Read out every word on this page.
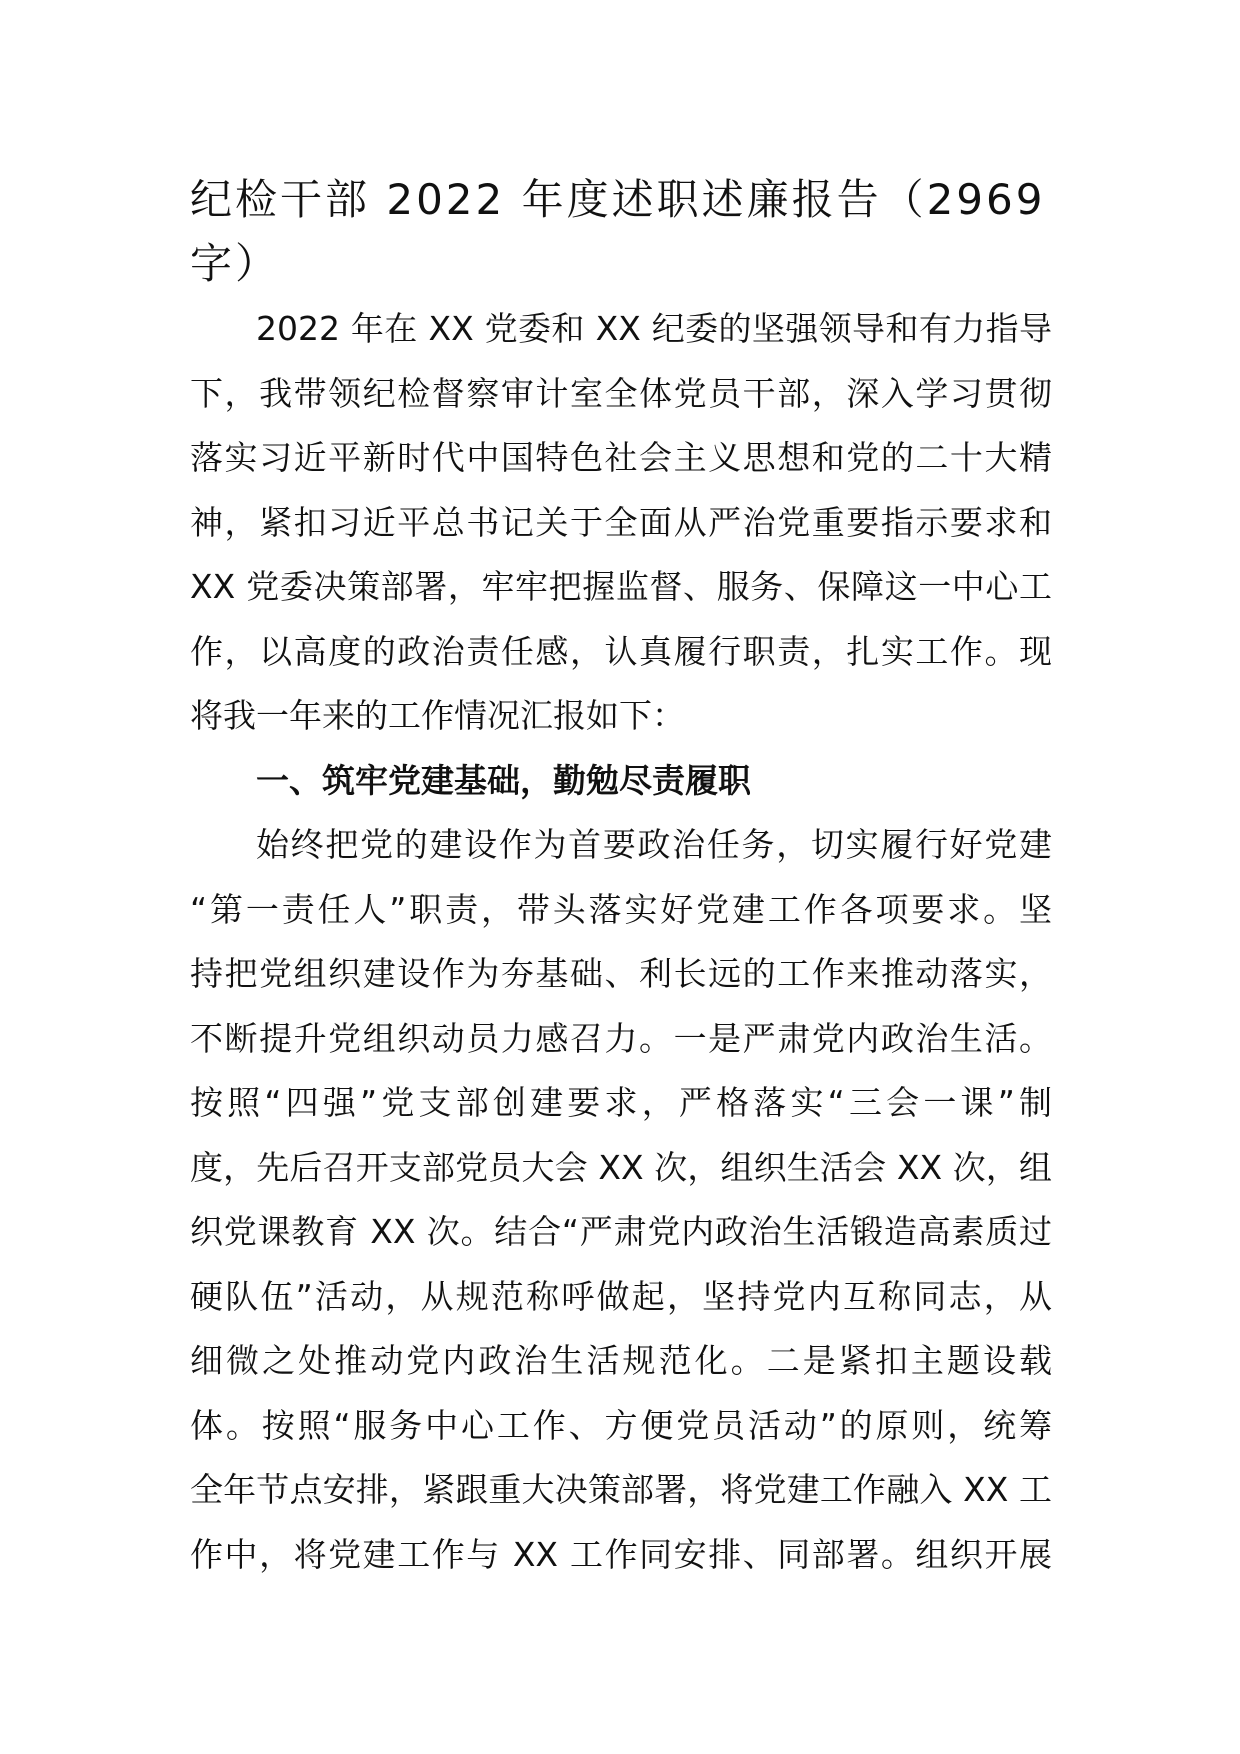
纪检干部 2022 年度述职述廉报告（2969
字）
2022 年在 XX 党委和 XX 纪委的坚强领导和有力指导
下，我带领纪检督察审计室全体党员干部，深入学习贯彻
落实习近平新时代中国特色社会主义思想和党的二十大精
神，紧扣习近平总书记关于全面从严治党重要指示要求和
XX 党委决策部署，牢牢把握监督、服务、保障这一中心工
作，以高度的政治责任感，认真履行职责，扎实工作。现
将我一年来的工作情况汇报如下：
一、筑牢党建基础，勤勉尽责履职
始终把党的建设作为首要政治任务，切实履行好党建
“第一责任人”职责，带头落实好党建工作各项要求。坚
持把党组织建设作为夯基础、利长远的工作来推动落实，
不断提升党组织动员力感召力。一是严肃党内政治生活。
按照“四强”党支部创建要求，严格落实“三会一课”制
度，先后召开支部党员大会 XX 次，组织生活会 XX 次，组
织党课教育 XX 次。结合“严肃党内政治生活锻造高素质过
硬队伍”活动，从规范称呼做起，坚持党内互称同志，从
细微之处推动党内政治生活规范化。二是紧扣主题设载
体。按照“服务中心工作、方便党员活动”的原则，统筹
全年节点安排，紧跟重大决策部署，将党建工作融入 XX 工
作中，将党建工作与 XX 工作同安排、同部署。组织开展
